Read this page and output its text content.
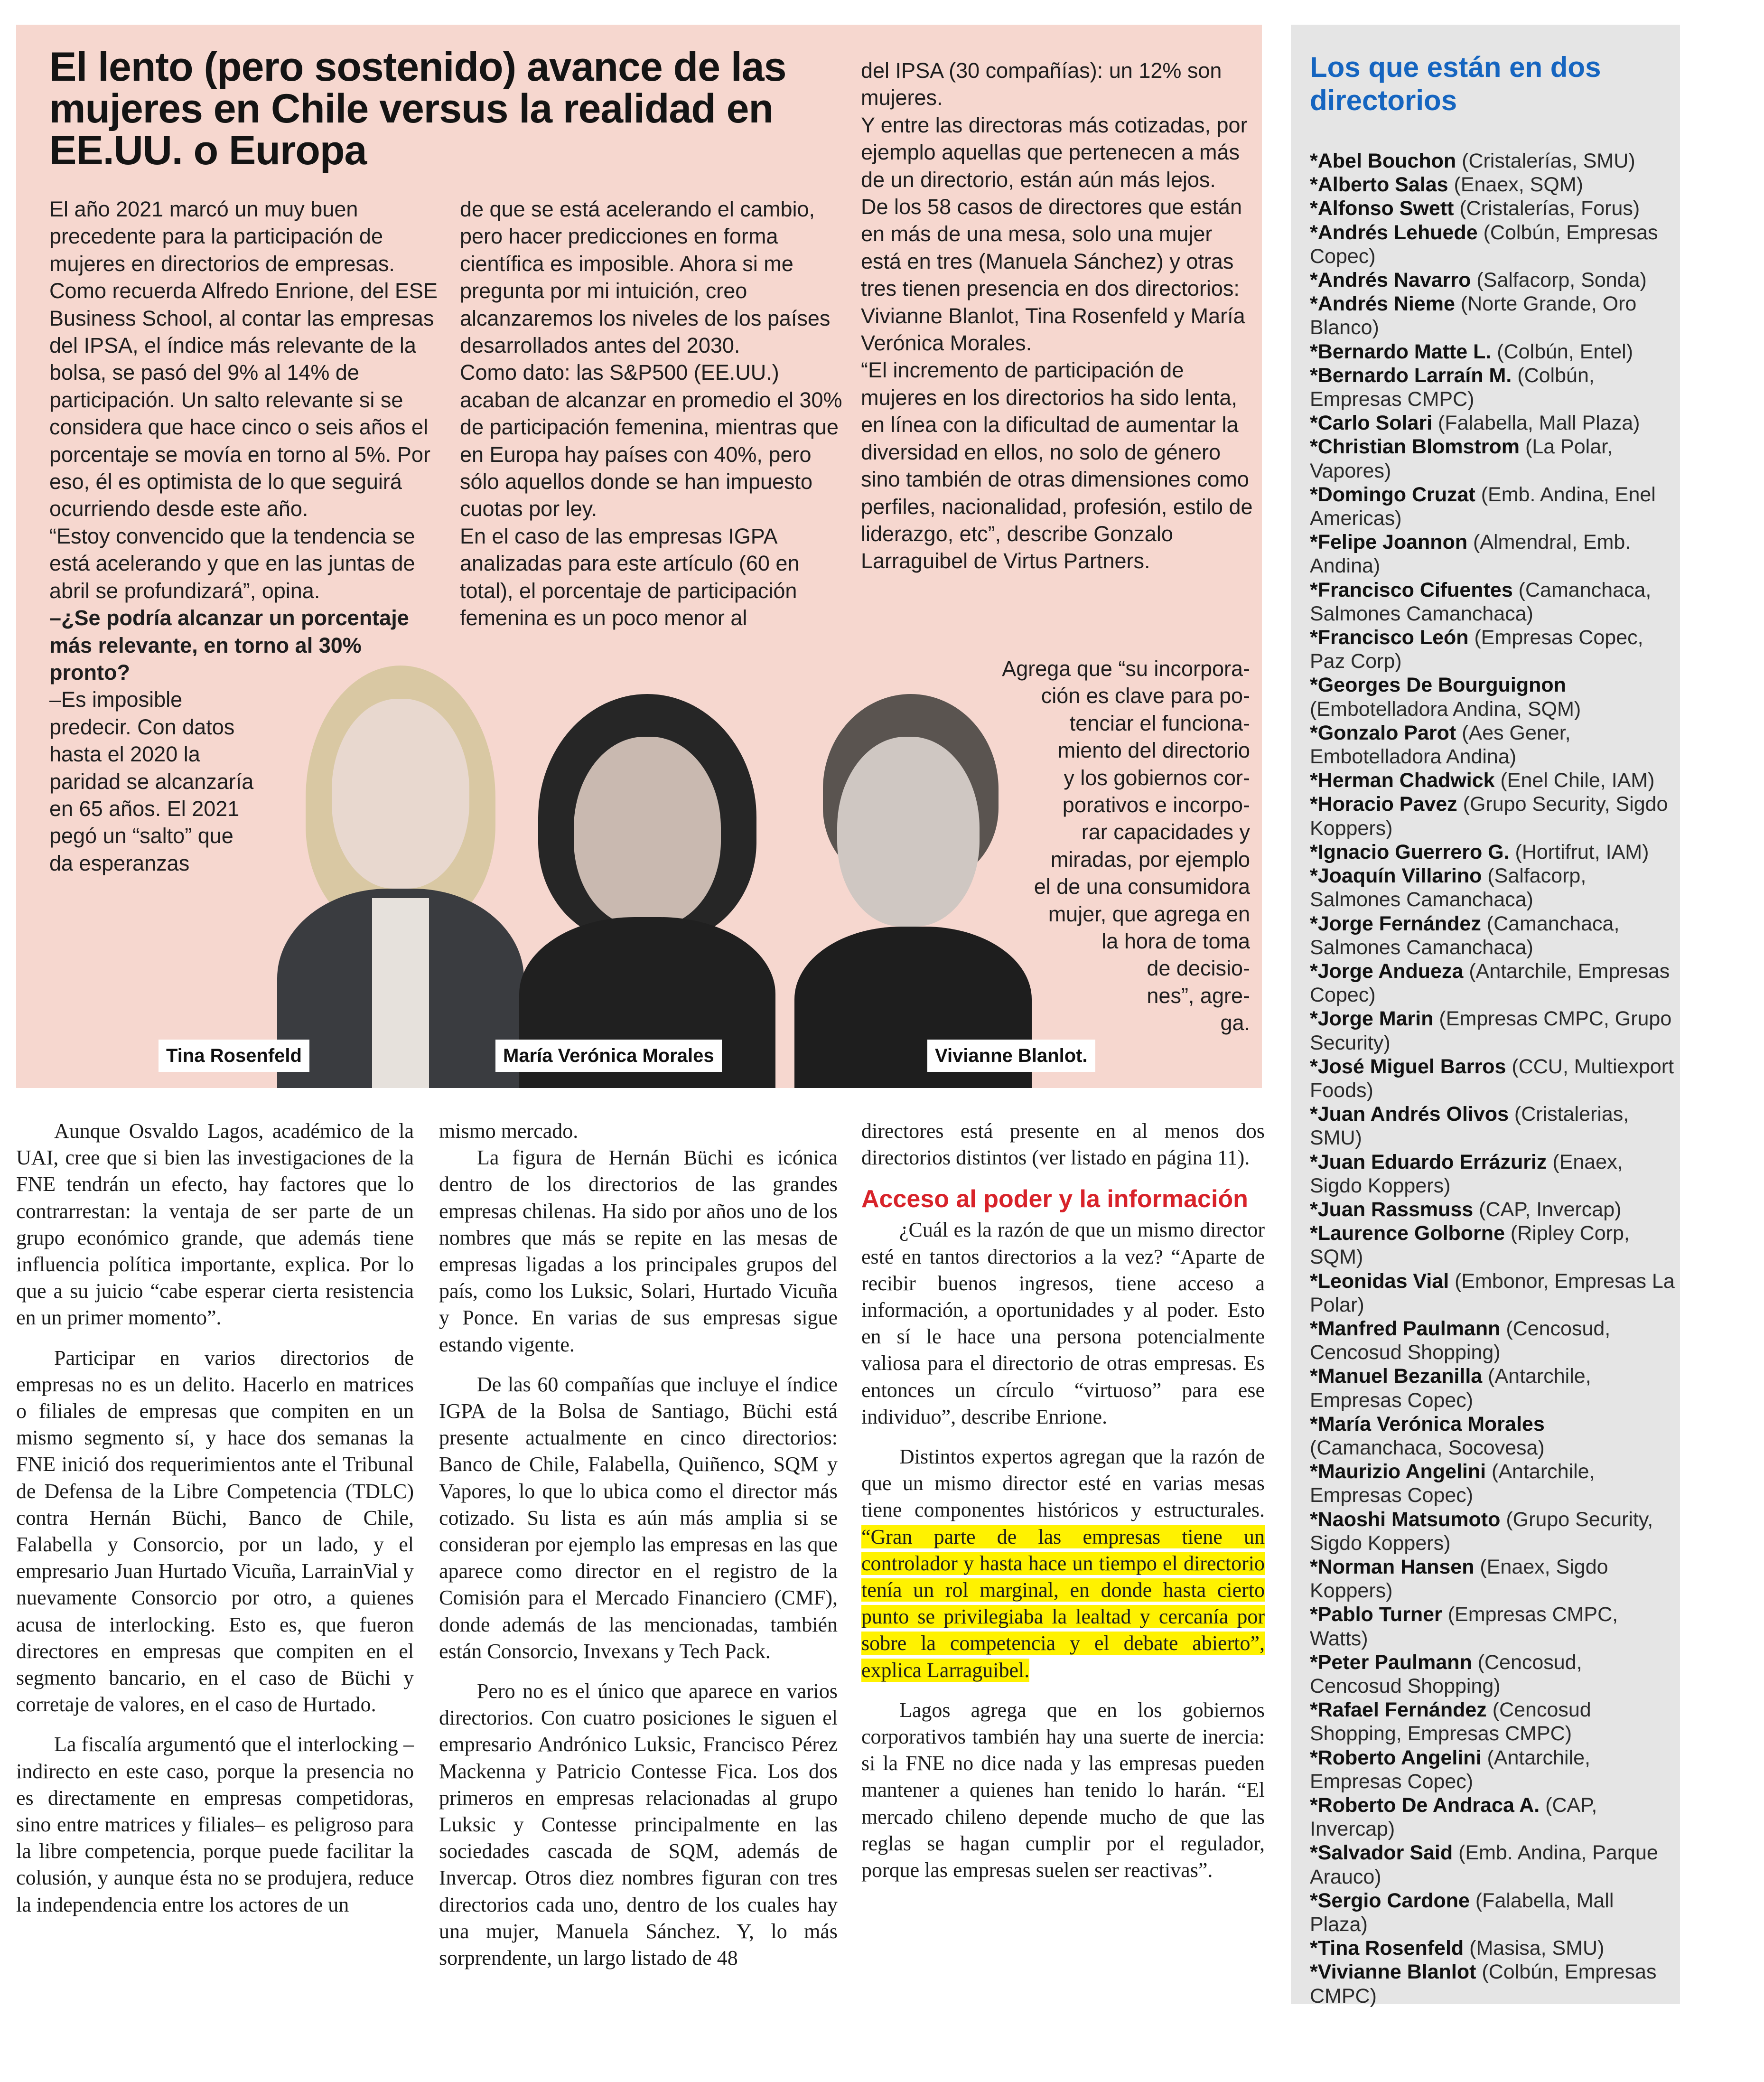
El lento (pero sostenido) avance de las mujeres en Chile versus la realidad en EE.UU. o Europa

El año 2021 marcó un muy buen precedente para la participación de mujeres en directorios de empresas. Como recuerda Alfredo Enrione, del ESE Business School, al contar las empresas del IPSA, el índice más relevante de la bolsa, se pasó del 9% al 14% de participación. Un salto relevante si se considera que hace cinco o seis años el porcentaje se movía en torno al 5%. Por eso, él es optimista de lo que seguirá ocurriendo desde este año.

“Estoy convencido que la tendencia se está acelerando y que en las juntas de abril se profundizará”, opina.

–¿Se podría alcanzar un porcentaje más relevante, en torno al 30% pronto?

–Es imposible predecir. Con datos hasta el 2020 la paridad se alcanzaría en 65 años. El 2021 pegó un “salto” que da esperanzas

de que se está acelerando el cambio, pero hacer predicciones en forma científica es imposible. Ahora si me pregunta por mi intuición, creo alcanzaremos los niveles de los países desarrollados antes del 2030.

Como dato: las S&P500 (EE.UU.) acaban de alcanzar en promedio el 30% de participación femenina, mientras que en Europa hay países con 40%, pero sólo aquellos donde se han impuesto cuotas por ley.

En el caso de las empresas IGPA analizadas para este artículo (60 en total), el porcentaje de participación femenina es un poco menor al

del IPSA (30 compañías): un 12% son mujeres.

Y entre las directoras más cotizadas, por ejemplo aquellas que pertenecen a más de un directorio, están aún más lejos.

De los 58 casos de directores que están en más de una mesa, solo una mujer está en tres (Manuela Sánchez) y otras tres tienen presencia en dos directorios: Vivianne Blanlot, Tina Rosenfeld y María Verónica Morales.

“El incremento de participación de mujeres en los directorios ha sido lenta, en línea con la dificultad de aumentar la diversidad en ellos, no solo de género sino también de otras dimensiones como perfiles, nacionalidad, profesión, estilo de liderazgo, etc”, describe Gonzalo Larraguibel de Virtus Partners.

Agrega que “su incorpora-
ción es clave para po-
tenciar el funciona-
miento del directorio
y los gobiernos cor-
porativos e incorpo-
rar capacidades y
miradas, por ejemplo
el de una consumidora
mujer, que agrega en
la hora de toma
de decisio-
nes”, agre-
ga.
Tina Rosenfeld	María Verónica Morales	Vivianne Blanlot.

Aunque Osvaldo Lagos, académico de la UAI, cree que si bien las investigaciones de la FNE tendrán un efecto, hay factores que lo contrarrestan: la ventaja de ser parte de un grupo económico grande, que además tiene influencia política importante, explica. Por lo que a su juicio “cabe esperar cierta resistencia en un primer momento”.

Participar en varios directorios de empresas no es un delito. Hacerlo en matrices o filiales de empresas que compiten en un mismo segmento sí, y hace dos semanas la FNE inició dos requerimientos ante el Tribunal de Defensa de la Libre Competencia (TDLC) contra Hernán Büchi, Banco de Chile, Falabella y Consorcio, por un lado, y el empresario Juan Hurtado Vicuña, LarrainVial y nuevamente Consorcio por otro, a quienes acusa de interlocking. Esto es, que fueron directores en empresas que compiten en el segmento bancario, en el caso de Büchi y corretaje de valores, en el caso de Hurtado.

La fiscalía argumentó que el interlocking –indirecto en este caso, porque la presencia no es directamente en empresas competidoras, sino entre matrices y filiales– es peligroso para la libre competencia, porque puede facilitar la colusión, y aunque ésta no se produjera, reduce la independencia entre los actores de un

mismo mercado.

La figura de Hernán Büchi es icónica dentro de los directorios de las grandes empresas chilenas. Ha sido por años uno de los nombres que más se repite en las mesas de empresas ligadas a los principales grupos del país, como los Luksic, Solari, Hurtado Vicuña y Ponce. En varias de sus empresas sigue estando vigente.

De las 60 compañías que incluye el índice IGPA de la Bolsa de Santiago, Büchi está presente actualmente en cinco directorios: Banco de Chile, Falabella, Quiñenco, SQM y Vapores, lo que lo ubica como el director más cotizado. Su lista es aún más amplia si se consideran por ejemplo las empresas en las que aparece como director en el registro de la Comisión para el Mercado Financiero (CMF), donde además de las mencionadas, también están Consorcio, Invexans y Tech Pack.

Pero no es el único que aparece en varios directorios. Con cuatro posiciones le siguen el empresario Andrónico Luksic, Francisco Pérez Mackenna y Patricio Contesse Fica. Los dos primeros en empresas relacionadas al grupo Luksic y Contesse principalmente en las sociedades cascada de SQM, además de Invercap. Otros diez nombres figuran con tres directorios cada uno, dentro de los cuales hay una mujer, Manuela Sánchez. Y, lo más sorprendente, un largo listado de 48

directores está presente en al menos dos directorios distintos (ver listado en página 11).

Acceso al poder y la información

¿Cuál es la razón de que un mismo director esté en tantos directorios a la vez? “Aparte de recibir buenos ingresos, tiene acceso a información, a oportunidades y al poder. Esto en sí le hace una persona potencialmente valiosa para el directorio de otras empresas. Es entonces un círculo “virtuoso” para ese individuo”, describe Enrione.

Distintos expertos agregan que la razón de que un mismo director esté en varias mesas tiene componentes históricos y estructurales. “Gran parte de las empresas tiene un controlador y hasta hace un tiempo el directorio tenía un rol marginal, en donde hasta cierto punto se privilegiaba la lealtad y cercanía por sobre la competencia y el debate abierto”, explica Larraguibel.

Lagos agrega que en los gobiernos corporativos también hay una suerte de inercia: si la FNE no dice nada y las empresas pueden mantener a quienes han tenido lo harán. “El mercado chileno depende mucho de que las reglas se hagan cumplir por el regulador, porque las empresas suelen ser reactivas”.

Los que están en dos directorios
*Abel Bouchon (Cristalerías, SMU)
*Alberto Salas (Enaex, SQM)
*Alfonso Swett (Cristalerías, Forus)
*Andrés Lehuede (Colbún, Empresas Copec)
*Andrés Navarro (Salfacorp, Sonda)
*Andrés Nieme (Norte Grande, Oro Blanco)
*Bernardo Matte L. (Colbún, Entel)
*Bernardo Larraín M. (Colbún, Empresas CMPC)
*Carlo Solari (Falabella, Mall Plaza)
*Christian Blomstrom (La Polar, Vapores)
*Domingo Cruzat (Emb. Andina, Enel Americas)
*Felipe Joannon (Almendral, Emb. Andina)
*Francisco Cifuentes (Camanchaca, Salmones Camanchaca)
*Francisco León (Empresas Copec, Paz Corp)
*Georges De Bourguignon (Embotelladora Andina, SQM)
*Gonzalo Parot (Aes Gener, Embotelladora Andina)
*Herman Chadwick (Enel Chile, IAM)
*Horacio Pavez (Grupo Security, Sigdo Koppers)
*Ignacio Guerrero G. (Hortifrut, IAM)
*Joaquín Villarino (Salfacorp, Salmones Camanchaca)
*Jorge Fernández (Camanchaca, Salmones Camanchaca)
*Jorge Andueza (Antarchile, Empresas Copec)
*Jorge Marin (Empresas CMPC, Grupo Security)
*José Miguel Barros (CCU, Multiexport Foods)
*Juan Andrés Olivos (Cristalerias, SMU)
*Juan Eduardo Errázuriz (Enaex, Sigdo Koppers)
*Juan Rassmuss (CAP, Invercap)
*Laurence Golborne (Ripley Corp, SQM)
*Leonidas Vial (Embonor, Empresas La Polar)
*Manfred Paulmann (Cencosud, Cencosud Shopping)
*Manuel Bezanilla (Antarchile, Empresas Copec)
*María Verónica Morales (Camanchaca, Socovesa)
*Maurizio Angelini (Antarchile, Empresas Copec)
*Naoshi Matsumoto (Grupo Security, Sigdo Koppers)
*Norman Hansen (Enaex, Sigdo Koppers)
*Pablo Turner (Empresas CMPC, Watts)
*Peter Paulmann (Cencosud, Cencosud Shopping)
*Rafael Fernández (Cencosud Shopping, Empresas CMPC)
*Roberto Angelini (Antarchile, Empresas Copec)
*Roberto De Andraca A. (CAP, Invercap)
*Salvador Said (Emb. Andina, Parque Arauco)
*Sergio Cardone (Falabella, Mall Plaza)
*Tina Rosenfeld (Masisa, SMU)
*Vivianne Blanlot (Colbún, Empresas CMPC)
